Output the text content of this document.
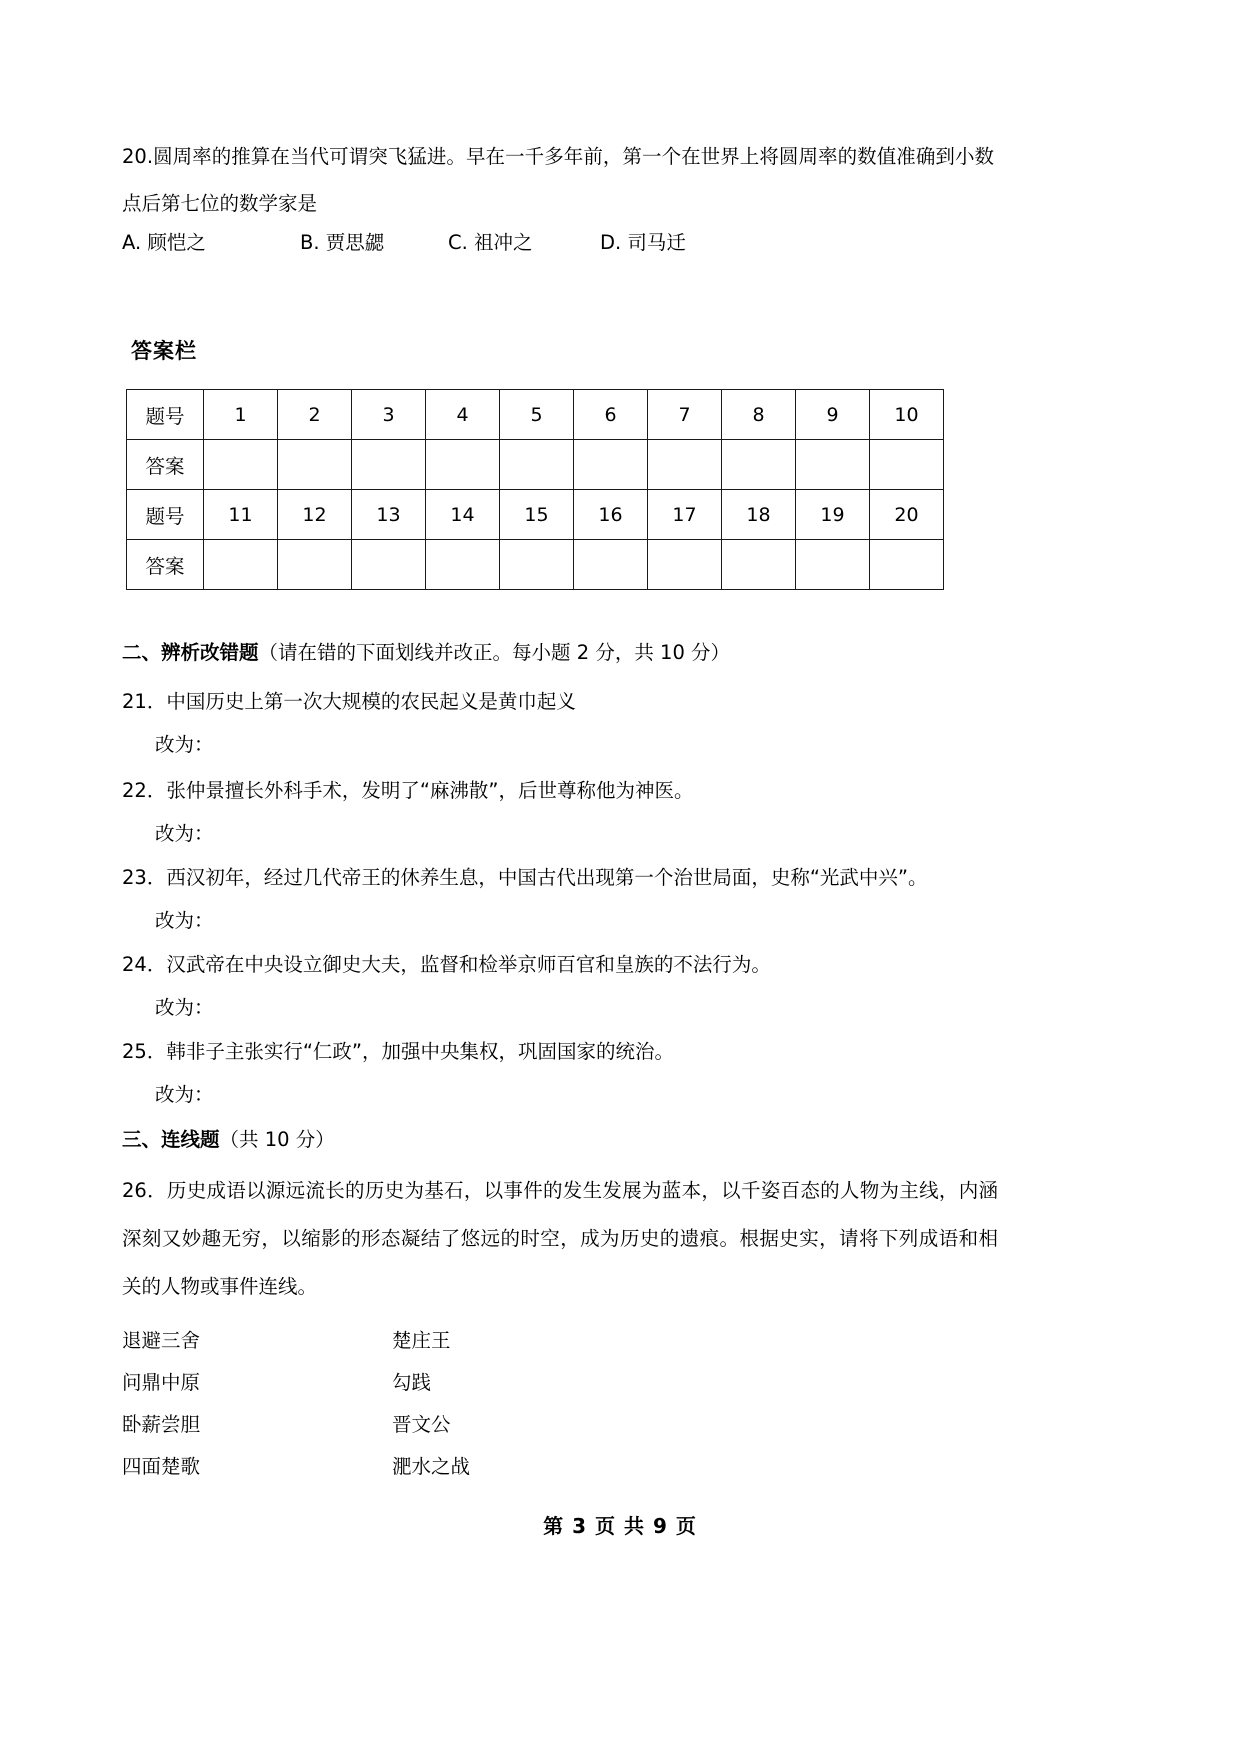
20.圆周率的推算在当代可谓突飞猛进。早在一千多年前，第一个在世界上将圆周率的数值准确到小数点后第七位的数学家是
A. 顾恺之	B. 贾思勰	C. 祖冲之	D. 司马迁
答案栏
题号	1	2	3	4	5	6	7	8	9	10
答案										
题号	11	12	13	14	15	16	17	18	19	20
答案										
二、辨析改错题（请在错的下面划线并改正。每小题 2 分，共 10 分）
21．中国历史上第一次大规模的农民起义是黄巾起义
改为：
22．张仲景擅长外科手术，发明了“麻沸散”，后世尊称他为神医。
改为：
23．西汉初年，经过几代帝王的休养生息，中国古代出现第一个治世局面，史称“光武中兴”。
改为：
24．汉武帝在中央设立御史大夫，监督和检举京师百官和皇族的不法行为。
改为：
25．韩非子主张实行“仁政”，加强中央集权，巩固国家的统治。
改为：
三、连线题（共 10 分）
26．历史成语以源远流长的历史为基石，以事件的发生发展为蓝本，以千姿百态的人物为主线，内涵深刻又妙趣无穷，以缩影的形态凝结了悠远的时空，成为历史的遗痕。根据史实，请将下列成语和相关的人物或事件连线。
退避三舍	楚庄王
问鼎中原	勾践
卧薪尝胆	晋文公
四面楚歌	淝水之战
第 3 页 共 9 页
